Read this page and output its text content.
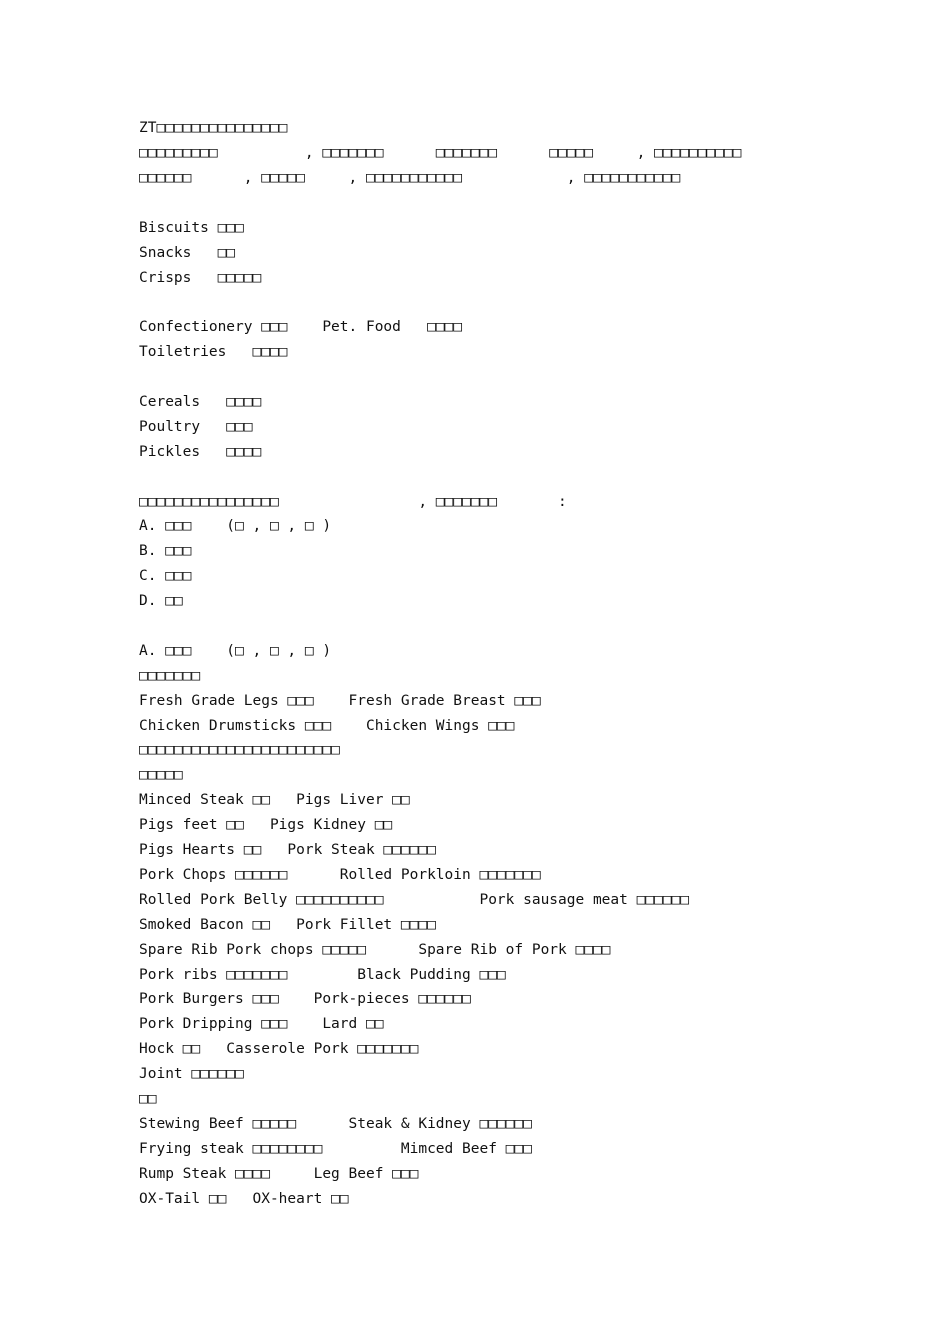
ZT□□□□□□□□□□□□□□□
□□□□□□□□□          , □□□□□□□      □□□□□□□      □□□□□     , □□□□□□□□□□
□□□□□□      , □□□□□     , □□□□□□□□□□□            , □□□□□□□□□□□
Biscuits □□□
Snacks   □□
Crisps   □□□□□
Confectionery □□□    Pet. Food   □□□□
Toiletries   □□□□
Cereals   □□□□
Poultry   □□□
Pickles   □□□□
□□□□□□□□□□□□□□□□                , □□□□□□□       :
A. □□□    (□ , □ , □ )
B. □□□
C. □□□
D. □□
A. □□□    (□ , □ , □ )
□□□□□□□
Fresh Grade Legs □□□    Fresh Grade Breast □□□
Chicken Drumsticks □□□    Chicken Wings □□□
□□□□□□□□□□□□□□□□□□□□□□□
□□□□□
Minced Steak □□   Pigs Liver □□
Pigs feet □□   Pigs Kidney □□
Pigs Hearts □□   Pork Steak □□□□□□
Pork Chops □□□□□□      Rolled Porkloin □□□□□□□
Rolled Pork Belly □□□□□□□□□□           Pork sausage meat □□□□□□
Smoked Bacon □□   Pork Fillet □□□□
Spare Rib Pork chops □□□□□      Spare Rib of Pork □□□□
Pork ribs □□□□□□□        Black Pudding □□□
Pork Burgers □□□    Pork-pieces □□□□□□
Pork Dripping □□□    Lard □□
Hock □□   Casserole Pork □□□□□□□
Joint □□□□□□
□□
Stewing Beef □□□□□      Steak & Kidney □□□□□□
Frying steak □□□□□□□□         Mimced Beef □□□
Rump Steak □□□□     Leg Beef □□□
OX-Tail □□   OX-heart □□
